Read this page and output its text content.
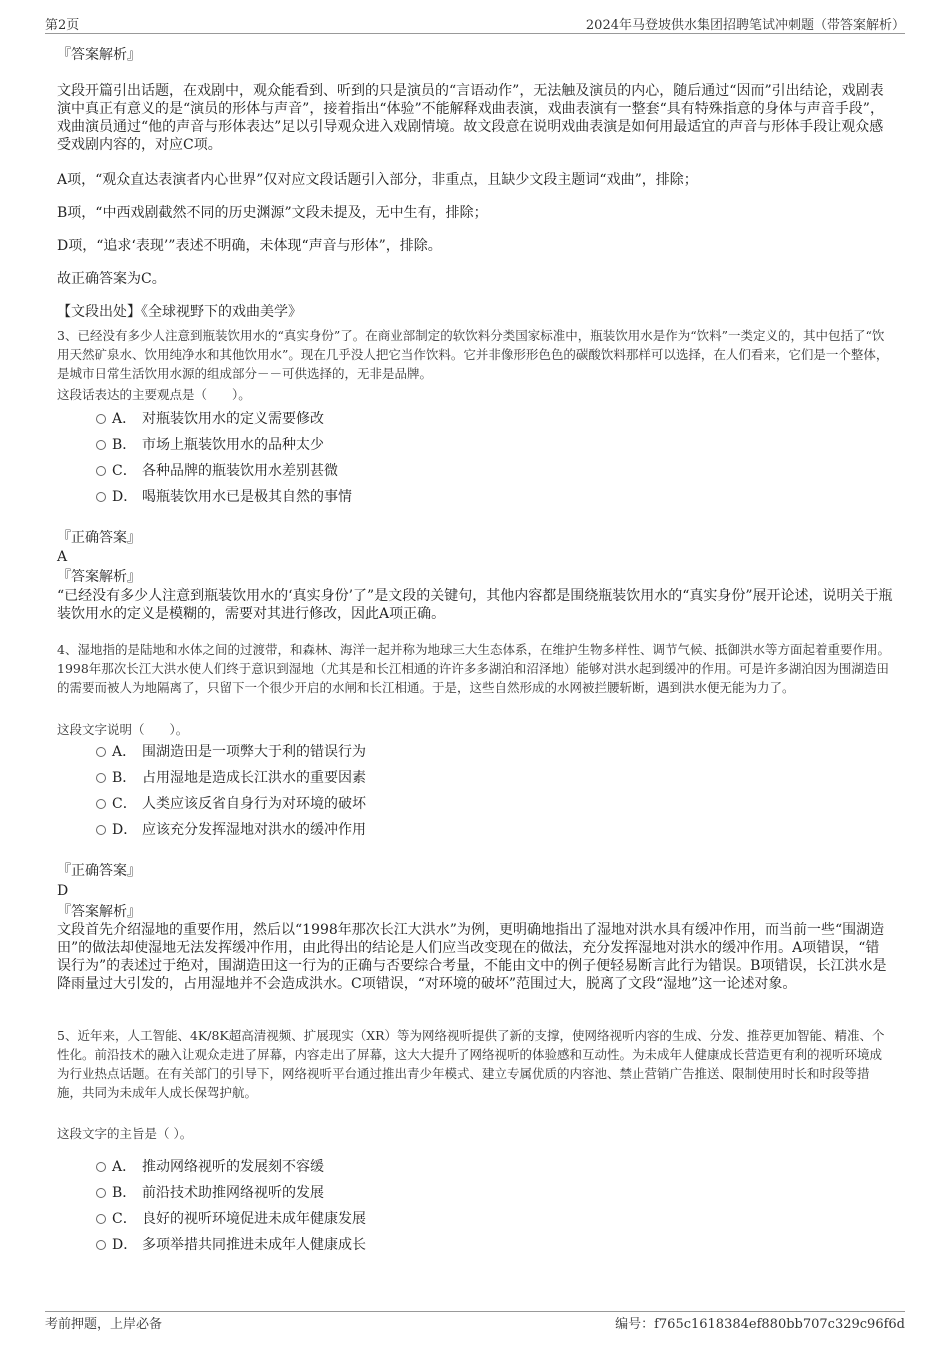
第2页	2024年马登坡供水集团招聘笔试冲刺题（带答案解析）
『答案解析』
文段开篇引出话题，在戏剧中，观众能看到、听到的只是演员的“言语动作”，无法触及演员的内心，随后通过“因而”引出结论，戏剧表演中真正有意义的是“演员的形体与声音”，接着指出“体验”不能解释戏曲表演，戏曲表演有一整套“具有特殊指意的身体与声音手段”，戏曲演员通过“他的声音与形体表达”足以引导观众进入戏剧情境。故文段意在说明戏曲表演是如何用最适宜的声音与形体手段让观众感受戏剧内容的，对应C项。
A项，“观众直达表演者内心世界”仅对应文段话题引入部分，非重点，且缺少文段主题词“戏曲”，排除；
B项，“中西戏剧截然不同的历史渊源”文段未提及，无中生有，排除；
D项，“追求‘表现’”表述不明确，未体现“声音与形体”，排除。
故正确答案为C。
【文段出处】《全球视野下的戏曲美学》
3、已经没有多少人注意到瓶装饮用水的“真实身份”了。在商业部制定的软饮料分类国家标准中，瓶装饮用水是作为“饮料”一类定义的，其中包括了“饮用天然矿泉水、饮用纯净水和其他饮用水”。现在几乎没人把它当作饮料。它并非像形形色色的碳酸饮料那样可以选择，在人们看来，它们是一个整体，是城市日常生活饮用水源的组成部分－－可供选择的，无非是品牌。
这段话表达的主要观点是（　　）。
A． 对瓶装饮用水的定义需要修改
B． 市场上瓶装饮用水的品种太少
C． 各种品牌的瓶装饮用水差别甚微
D． 喝瓶装饮用水已是极其自然的事情
『正确答案』
A
『答案解析』
“已经没有多少人注意到瓶装饮用水的‘真实身份’了”是文段的关键句，其他内容都是围绕瓶装饮用水的“真实身份”展开论述，说明关于瓶装饮用水的定义是模糊的，需要对其进行修改，因此A项正确。
4、湿地指的是陆地和水体之间的过渡带，和森林、海洋一起并称为地球三大生态体系，在维护生物多样性、调节气候、抵御洪水等方面起着重要作用。1998年那次长江大洪水使人们终于意识到湿地（尤其是和长江相通的许许多多湖泊和沼泽地）能够对洪水起到缓冲的作用。可是许多湖泊因为围湖造田的需要而被人为地隔离了，只留下一个很少开启的水闸和长江相通。于是，这些自然形成的水网被拦腰斩断，遇到洪水便无能为力了。
这段文字说明（　　）。
A． 围湖造田是一项弊大于利的错误行为
B． 占用湿地是造成长江洪水的重要因素
C． 人类应该反省自身行为对环境的破坏
D． 应该充分发挥湿地对洪水的缓冲作用
『正确答案』
D
『答案解析』
文段首先介绍湿地的重要作用，然后以“1998年那次长江大洪水”为例，更明确地指出了湿地对洪水具有缓冲作用，而当前一些“围湖造田”的做法却使湿地无法发挥缓冲作用，由此得出的结论是人们应当改变现在的做法，充分发挥湿地对洪水的缓冲作用。A项错误，“错误行为”的表述过于绝对，围湖造田这一行为的正确与否要综合考量，不能由文中的例子便轻易断言此行为错误。B项错误，长江洪水是降雨量过大引发的，占用湿地并不会造成洪水。C项错误，“对环境的破坏”范围过大，脱离了文段“湿地”这一论述对象。
5、近年来，人工智能、4K/8K超高清视频、扩展现实（XR）等为网络视听提供了新的支撑，使网络视听内容的生成、分发、推荐更加智能、精准、个性化。前沿技术的融入让观众走进了屏幕，内容走出了屏幕，这大大提升了网络视听的体验感和互动性。为未成年人健康成长营造更有利的视听环境成为行业热点话题。在有关部门的引导下，网络视听平台通过推出青少年模式、建立专属优质的内容池、禁止营销广告推送、限制使用时长和时段等措施，共同为未成年人成长保驾护航。
这段文字的主旨是（ ）。
A． 推动网络视听的发展刻不容缓
B． 前沿技术助推网络视听的发展
C． 良好的视听环境促进未成年健康发展
D． 多项举措共同推进未成年人健康成长
考前押题，上岸必备	编号：f765c1618384ef880bb707c329c96f6d
